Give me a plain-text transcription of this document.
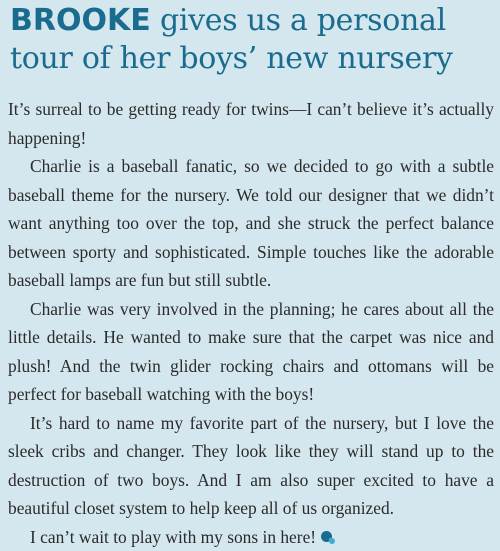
BROOKE gives us a personal tour of her boys’ new nursery

It’s surreal to be getting ready for twins—I can’t believe it’s actually happening!

Charlie is a baseball fanatic, so we decided to go with a subtle baseball theme for the nursery. We told our designer that we didn’t want anything too over the top, and she struck the perfect balance between sporty and sophisticated. Simple touches like the adorable baseball lamps are fun but still subtle.

Charlie was very involved in the planning; he cares about all the little details. He wanted to make sure that the carpet was nice and plush! And the twin glider rocking chairs and ottomans will be perfect for baseball watching with the boys!

It’s hard to name my favorite part of the nursery, but I love the sleek cribs and changer. They look like they will stand up to the destruction of two boys. And I am also super excited to have a beautiful closet system to help keep all of us organized.

I can’t wait to play with my sons in here!
